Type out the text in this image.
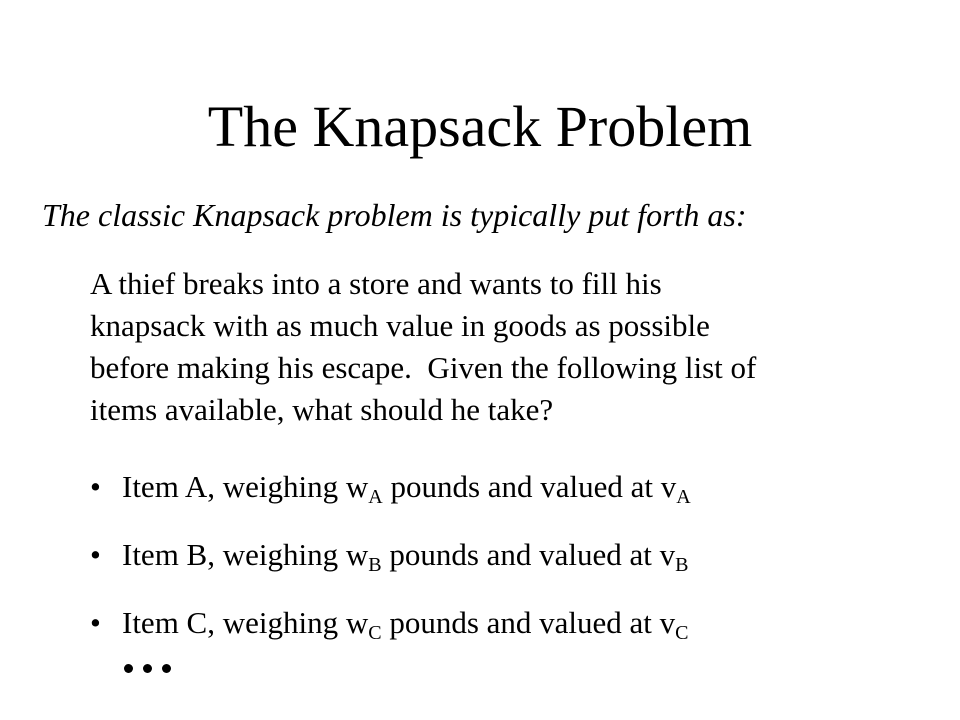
The Knapsack Problem
The classic Knapsack problem is typically put forth as:
A thief breaks into a store and wants to fill his
knapsack with as much value in goods as possible
before making his escape.  Given the following list of
items available, what should he take?
• Item A, weighing $w_A$ pounds and valued at $v_A$
• Item B, weighing $w_B$ pounds and valued at $v_B$
• Item C, weighing $w_C$ pounds and valued at $v_C$
